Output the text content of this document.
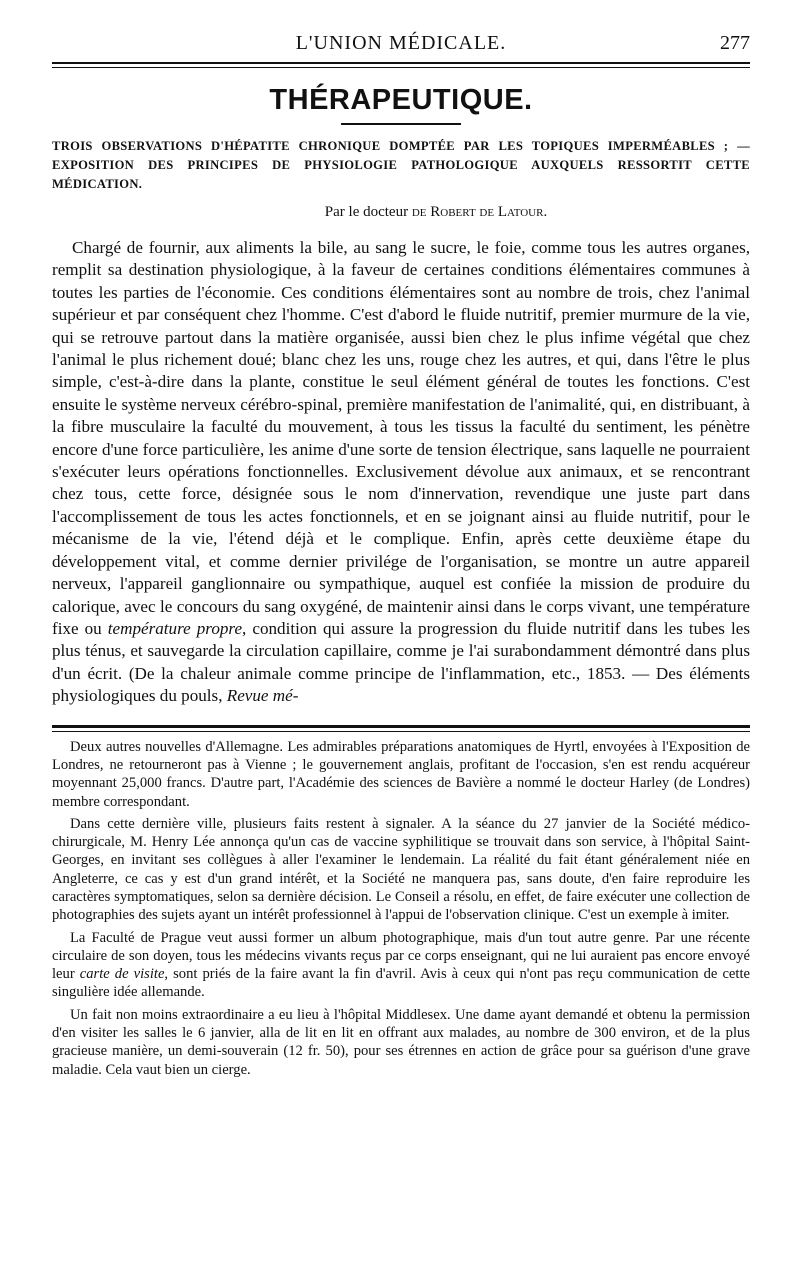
L'UNION MÉDICALE.	277
THÉRAPEUTIQUE.
TROIS OBSERVATIONS D'HÉPATITE CHRONIQUE DOMPTÉE PAR LES TOPIQUES IMPERMÉABLES ; — EXPOSITION DES PRINCIPES DE PHYSIOLOGIE PATHOLOGIQUE AUXQUELS RESSORTIT CETTE MÉDICATION.
Par le docteur de Robert de Latour.

Chargé de fournir, aux aliments la bile, au sang le sucre, le foie, comme tous les autres organes, remplit sa destination physiologique, à la faveur de certaines conditions élémentaires communes à toutes les parties de l'économie. Ces conditions élémentaires sont au nombre de trois, chez l'animal supérieur et par conséquent chez l'homme. C'est d'abord le fluide nutritif, premier murmure de la vie, qui se retrouve partout dans la matière organisée, aussi bien chez le plus infime végétal que chez l'animal le plus richement doué; blanc chez les uns, rouge chez les autres, et qui, dans l'être le plus simple, c'est-à-dire dans la plante, constitue le seul élément général de toutes les fonctions. C'est ensuite le système nerveux cérébro-spinal, première manifestation de l'animalité, qui, en distribuant, à la fibre musculaire la faculté du mouvement, à tous les tissus la faculté du sentiment, les pénètre encore d'une force particulière, les anime d'une sorte de tension électrique, sans laquelle ne pourraient s'exécuter leurs opérations fonctionnelles. Exclusivement dévolue aux animaux, et se rencontrant chez tous, cette force, désignée sous le nom d'innervation, revendique une juste part dans l'accomplissement de tous les actes fonctionnels, et en se joignant ainsi au fluide nutritif, pour le mécanisme de la vie, l'étend déjà et le complique. Enfin, après cette deuxième étape du développement vital, et comme dernier privilége de l'organisation, se montre un autre appareil nerveux, l'appareil ganglionnaire ou sympathique, auquel est confiée la mission de produire du calorique, avec le concours du sang oxygéné, de maintenir ainsi dans le corps vivant, une température fixe ou température propre, condition qui assure la progression du fluide nutritif dans les tubes les plus ténus, et sauvegarde la circulation capillaire, comme je l'ai surabondamment démontré dans plus d'un écrit. (De la chaleur animale comme principe de l'inflammation, etc., 1853. — Des éléments physiologiques du pouls, Revue mé-

Deux autres nouvelles d'Allemagne. Les admirables préparations anatomiques de Hyrtl, envoyées à l'Exposition de Londres, ne retourneront pas à Vienne ; le gouvernement anglais, profitant de l'occasion, s'en est rendu acquéreur moyennant 25,000 francs. D'autre part, l'Académie des sciences de Bavière a nommé le docteur Harley (de Londres) membre correspondant.

Dans cette dernière ville, plusieurs faits restent à signaler. A la séance du 27 janvier de la Société médico-chirurgicale, M. Henry Lée annonça qu'un cas de vaccine syphilitique se trouvait dans son service, à l'hôpital Saint-Georges, en invitant ses collègues à aller l'examiner le lendemain. La réalité du fait étant généralement niée en Angleterre, ce cas y est d'un grand intérêt, et la Société ne manquera pas, sans doute, d'en faire reproduire les caractères symptomatiques, selon sa dernière décision. Le Conseil a résolu, en effet, de faire exécuter une collection de photographies des sujets ayant un intérêt professionnel à l'appui de l'observation clinique. C'est un exemple à imiter.

La Faculté de Prague veut aussi former un album photographique, mais d'un tout autre genre. Par une récente circulaire de son doyen, tous les médecins vivants reçus par ce corps enseignant, qui ne lui auraient pas encore envoyé leur carte de visite, sont priés de la faire avant la fin d'avril. Avis à ceux qui n'ont pas reçu communication de cette singulière idée allemande.

Un fait non moins extraordinaire a eu lieu à l'hôpital Middlesex. Une dame ayant demandé et obtenu la permission d'en visiter les salles le 6 janvier, alla de lit en lit en offrant aux malades, au nombre de 300 environ, et de la plus gracieuse manière, un demi-souverain (12 fr. 50), pour ses étrennes en action de grâce pour sa guérison d'une grave maladie. Cela vaut bien un cierge.
